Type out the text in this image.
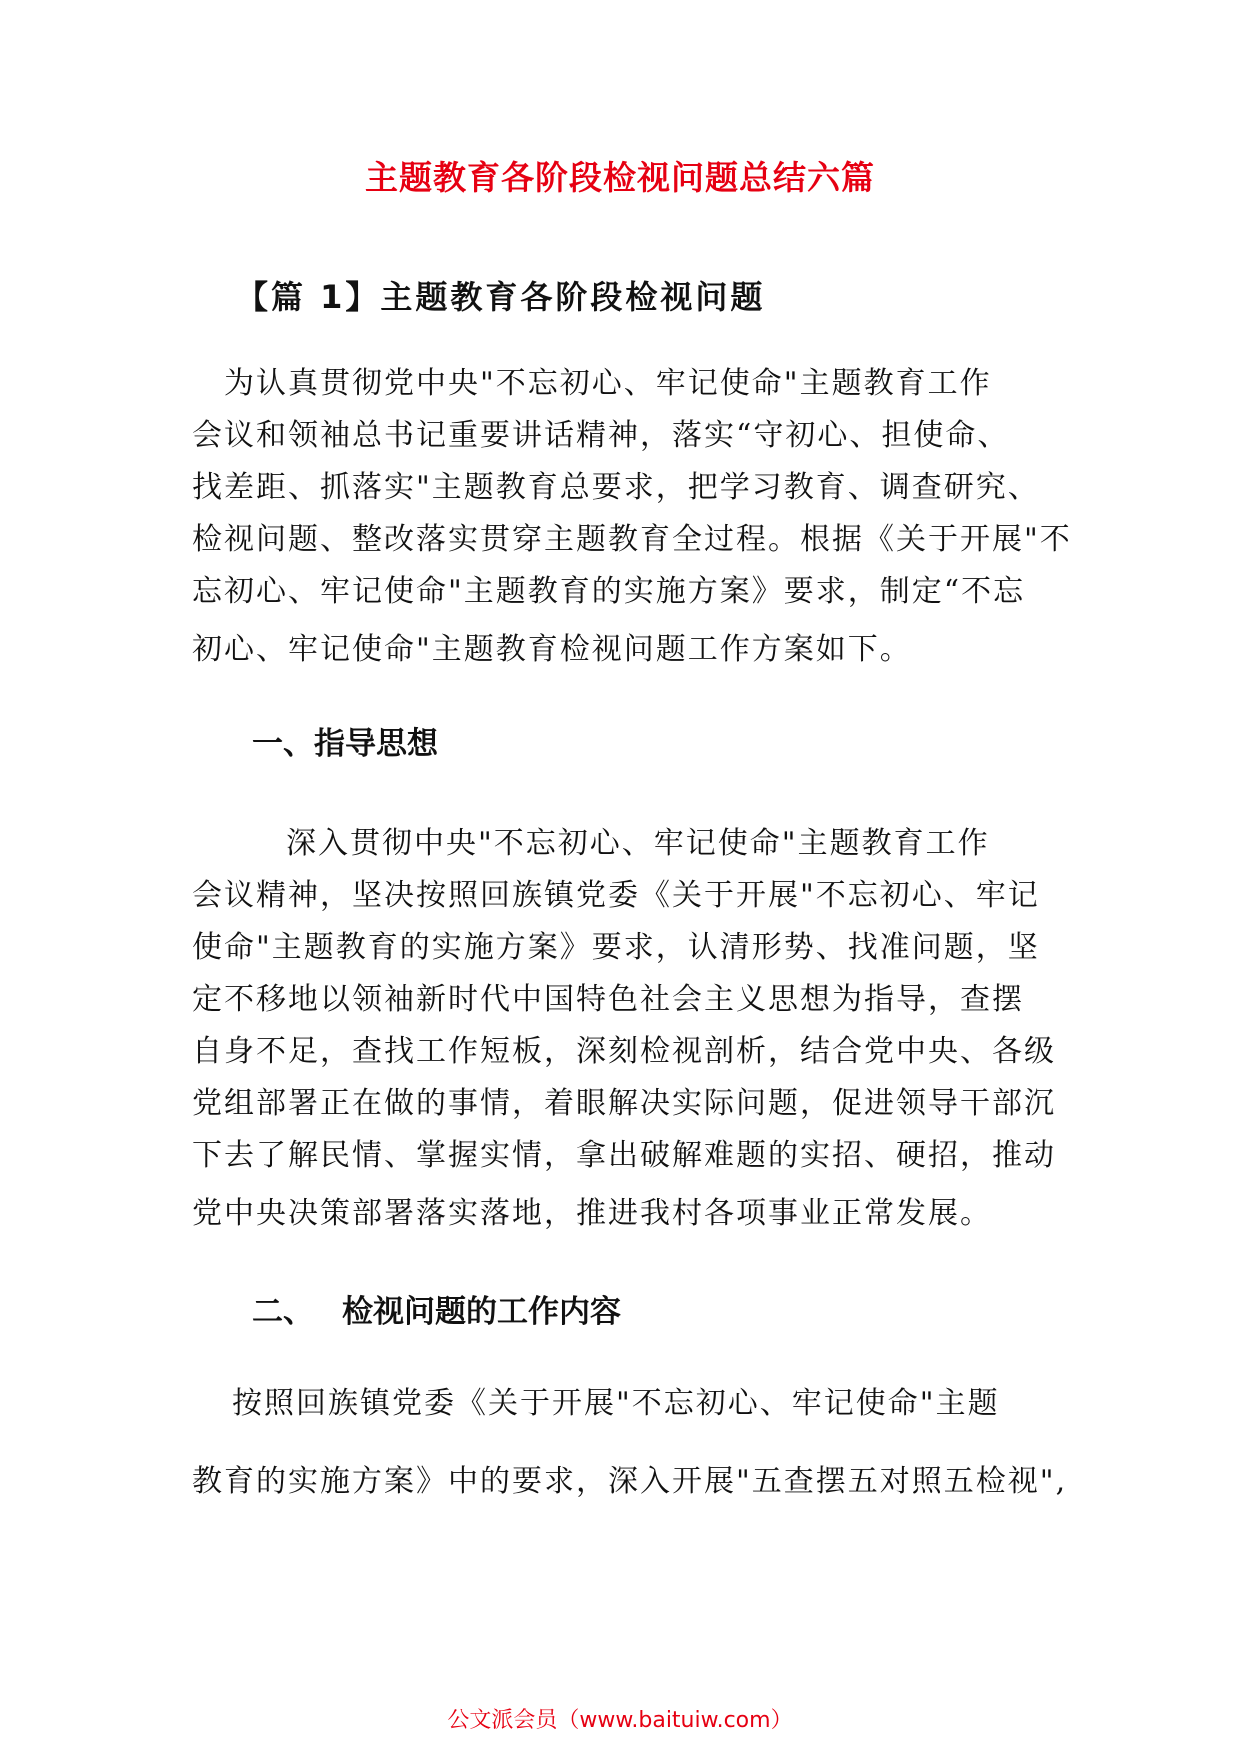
主题教育各阶段检视问题总结六篇
【篇 1】主题教育各阶段检视问题
为认真贯彻党中央"不忘初心、牢记使命"主题教育工作
会议和领袖总书记重要讲话精神，落实“守初心、担使命、
找差距、抓落实"主题教育总要求，把学习教育、调查研究、
检视问题、整改落实贯穿主题教育全过程。根据《关于开展"不
忘初心、牢记使命"主题教育的实施方案》要求，制定“不忘
初心、牢记使命"主题教育检视问题工作方案如下。
一、指导思想
深入贯彻中央"不忘初心、牢记使命"主题教育工作
会议精神，坚决按照回族镇党委《关于开展"不忘初心、牢记
使命"主题教育的实施方案》要求，认清形势、找准问题，坚
定不移地以领袖新时代中国特色社会主义思想为指导，查摆
自身不足，查找工作短板，深刻检视剖析，结合党中央、各级
党组部署正在做的事情，着眼解决实际问题，促进领导干部沉
下去了解民情、掌握实情，拿出破解难题的实招、硬招，推动
党中央决策部署落实落地，推进我村各项事业正常发展。
二、 检视问题的工作内容
按照回族镇党委《关于开展"不忘初心、牢记使命"主题
教育的实施方案》中的要求，深入开展"五查摆五对照五检视",
公文派会员（www.baituiw.com）
